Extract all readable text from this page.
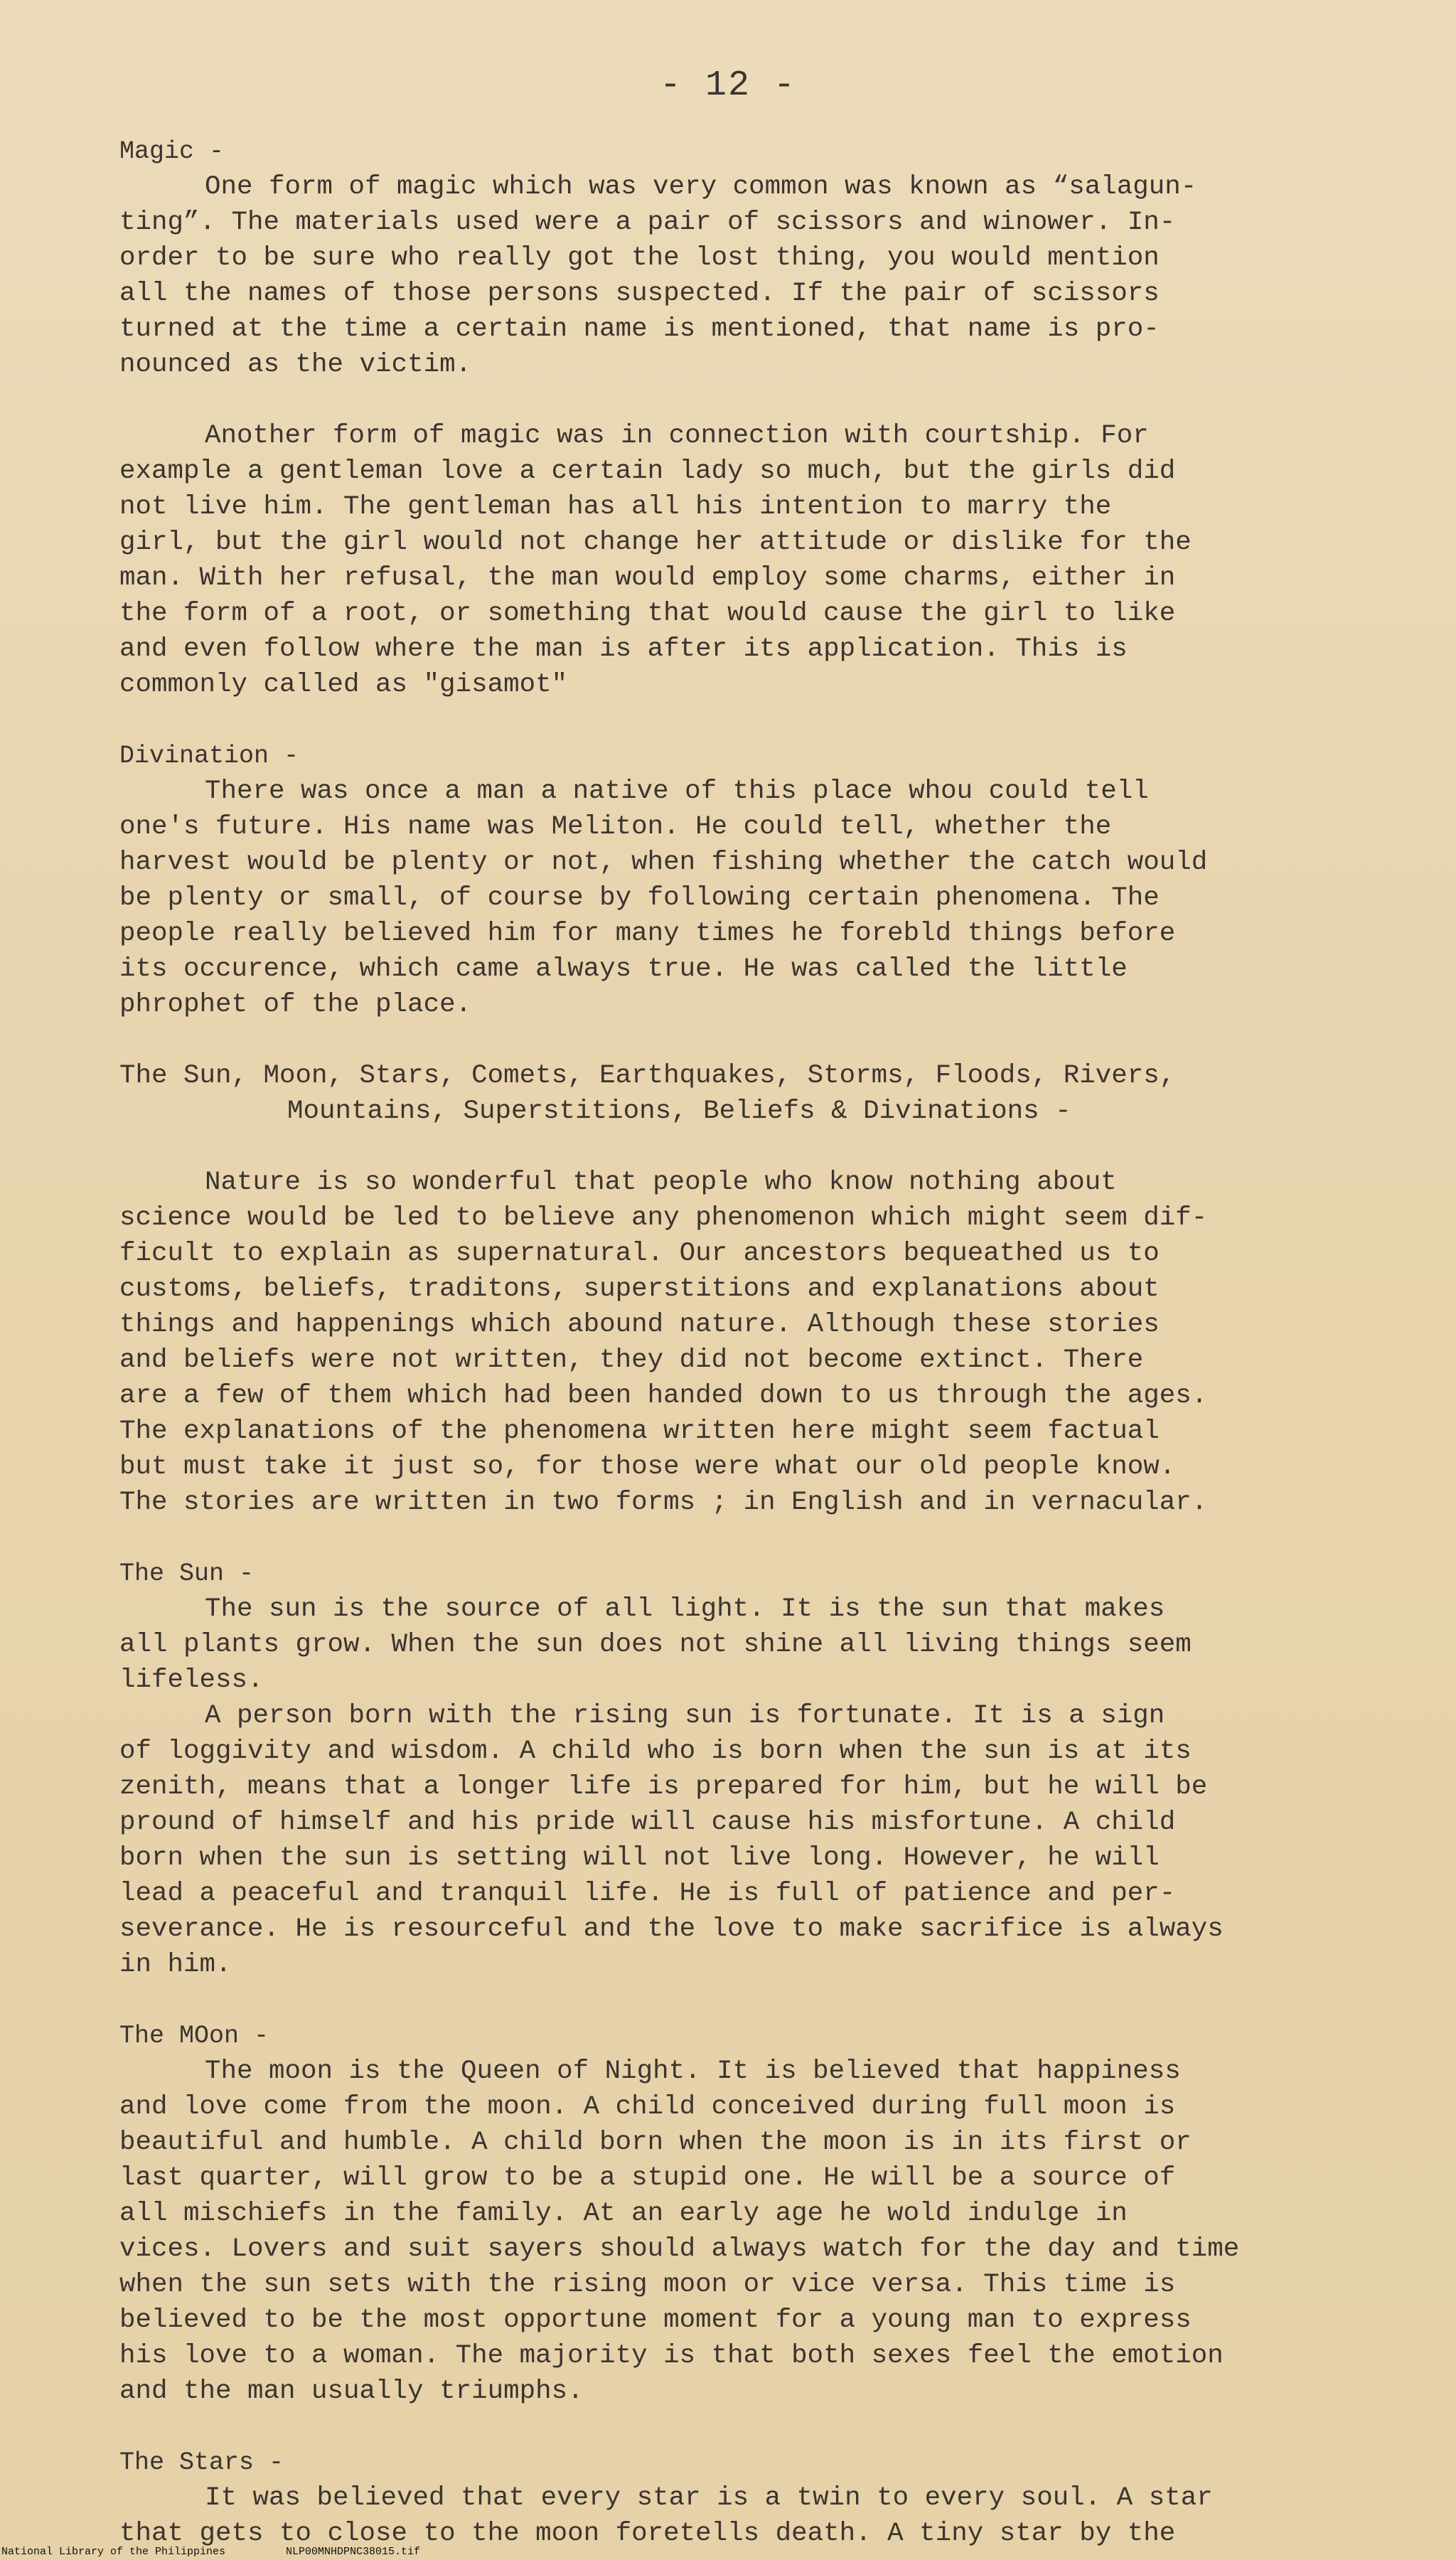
- 12 -
Magic -
One form of magic which was very common was known as “salagun-
ting”. The materials used were a pair of scissors and winower. In-
order to be sure who really got the lost thing, you would mention
all the names of those persons suspected. If the pair of scissors
turned at the time a certain name is mentioned, that name is pro-
nounced as the victim.
Another form of magic was in connection with courtship. For
example a gentleman love a certain lady so much, but the girls did
not live him. The gentleman has all his intention to marry the
girl, but the girl would not change her attitude or dislike for the
man. With her refusal, the man would employ some charms, either in
the form of a root, or something that would cause the girl to like
and even follow where the man is after its application. This is
commonly called as "gisamot"
Divination -
There was once a man a native of this place whou could tell
one's future. His name was Meliton. He could tell, whether the
harvest would be plenty or not, when fishing whether the catch would
be plenty or small, of course by following certain phenomena. The
people really believed him for many times he forebld things before
its occurence, which came always true. He was called the little
phrophet of the place.
The Sun, Moon, Stars, Comets, Earthquakes, Storms, Floods, Rivers,
Mountains, Superstitions, Beliefs & Divinations -
Nature is so wonderful that people who know nothing about
science would be led to believe any phenomenon which might seem dif-
ficult to explain as supernatural. Our ancestors bequeathed us to
customs, beliefs, traditons, superstitions and explanations about
things and happenings which abound nature. Although these stories
and beliefs were not written, they did not become extinct. There
are a few of them which had been handed down to us through the ages.
The explanations of the phenomena written here might seem factual
but must take it just so, for those were what our old people know.
The stories are written in two forms ; in English and in vernacular.
The Sun -
The sun is the source of all light. It is the sun that makes
all plants grow. When the sun does not shine all living things seem
lifeless.
A person born with the rising sun is fortunate. It is a sign
of loggivity and wisdom. A child who is born when the sun is at its
zenith, means that a longer life is prepared for him, but he will be
pround of himself and his pride will cause his misfortune. A child
born when the sun is setting will not live long. However, he will
lead a peaceful and tranquil life. He is full of patience and per-
severance. He is resourceful and the love to make sacrifice is always
in him.
The MOon -
The moon is the Queen of Night. It is believed that happiness
and love come from the moon. A child conceived during full moon is
beautiful and humble. A child born when the moon is in its first or
last quarter, will grow to be a stupid one. He will be a source of
all mischiefs in the family. At an early age he wold indulge in
vices. Lovers and suit sayers should always watch for the day and time
when the sun sets with the rising moon or vice versa. This time is
believed to be the most opportune moment for a young man to express
his love to a woman. The majority is that both sexes feel the emotion
and the man usually triumphs.
The Stars -
It was believed that every star is a twin to every soul. A star
that gets to close to the moon foretells death. A tiny star by the
National Library of the Philippines	NLP00MNHDPNC38015.tif
